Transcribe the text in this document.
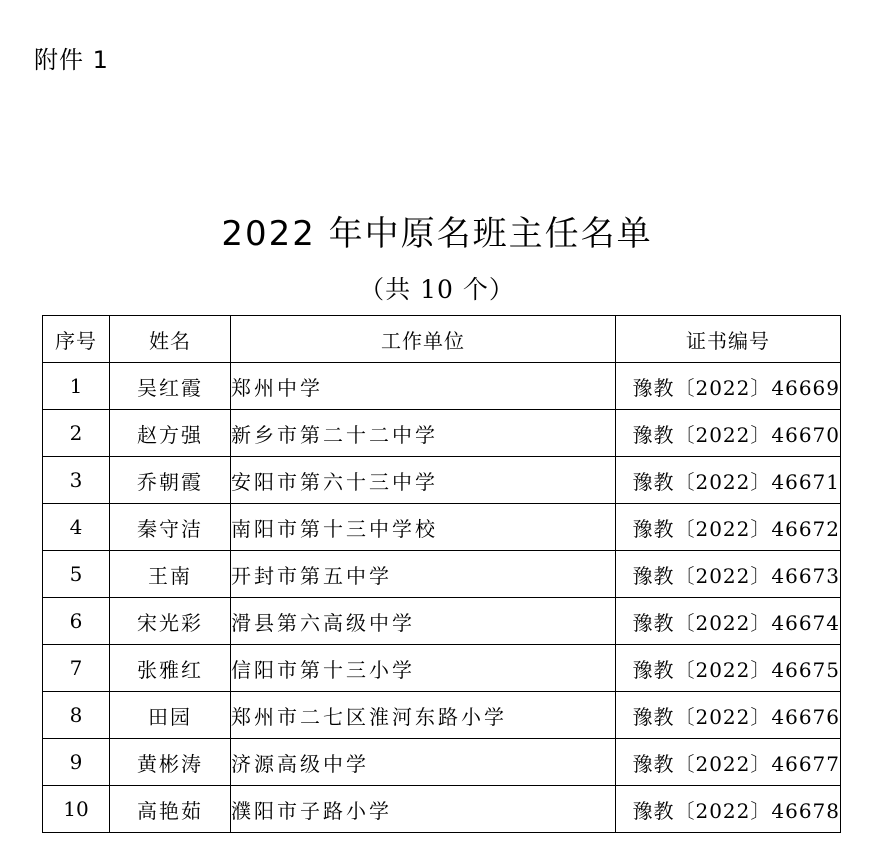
附件 1
2022 年中原名班主任名单
（共 10 个）
序号	姓名	工作单位	证书编号
1	吴红霞	郑州中学	豫教〔2022〕46669
2	赵方强	新乡市第二十二中学	豫教〔2022〕46670
3	乔朝霞	安阳市第六十三中学	豫教〔2022〕46671
4	秦守洁	南阳市第十三中学校	豫教〔2022〕46672
5	王南	开封市第五中学	豫教〔2022〕46673
6	宋光彩	滑县第六高级中学	豫教〔2022〕46674
7	张雅红	信阳市第十三小学	豫教〔2022〕46675
8	田园	郑州市二七区淮河东路小学	豫教〔2022〕46676
9	黄彬涛	济源高级中学	豫教〔2022〕46677
10	高艳茹	濮阳市子路小学	豫教〔2022〕46678
